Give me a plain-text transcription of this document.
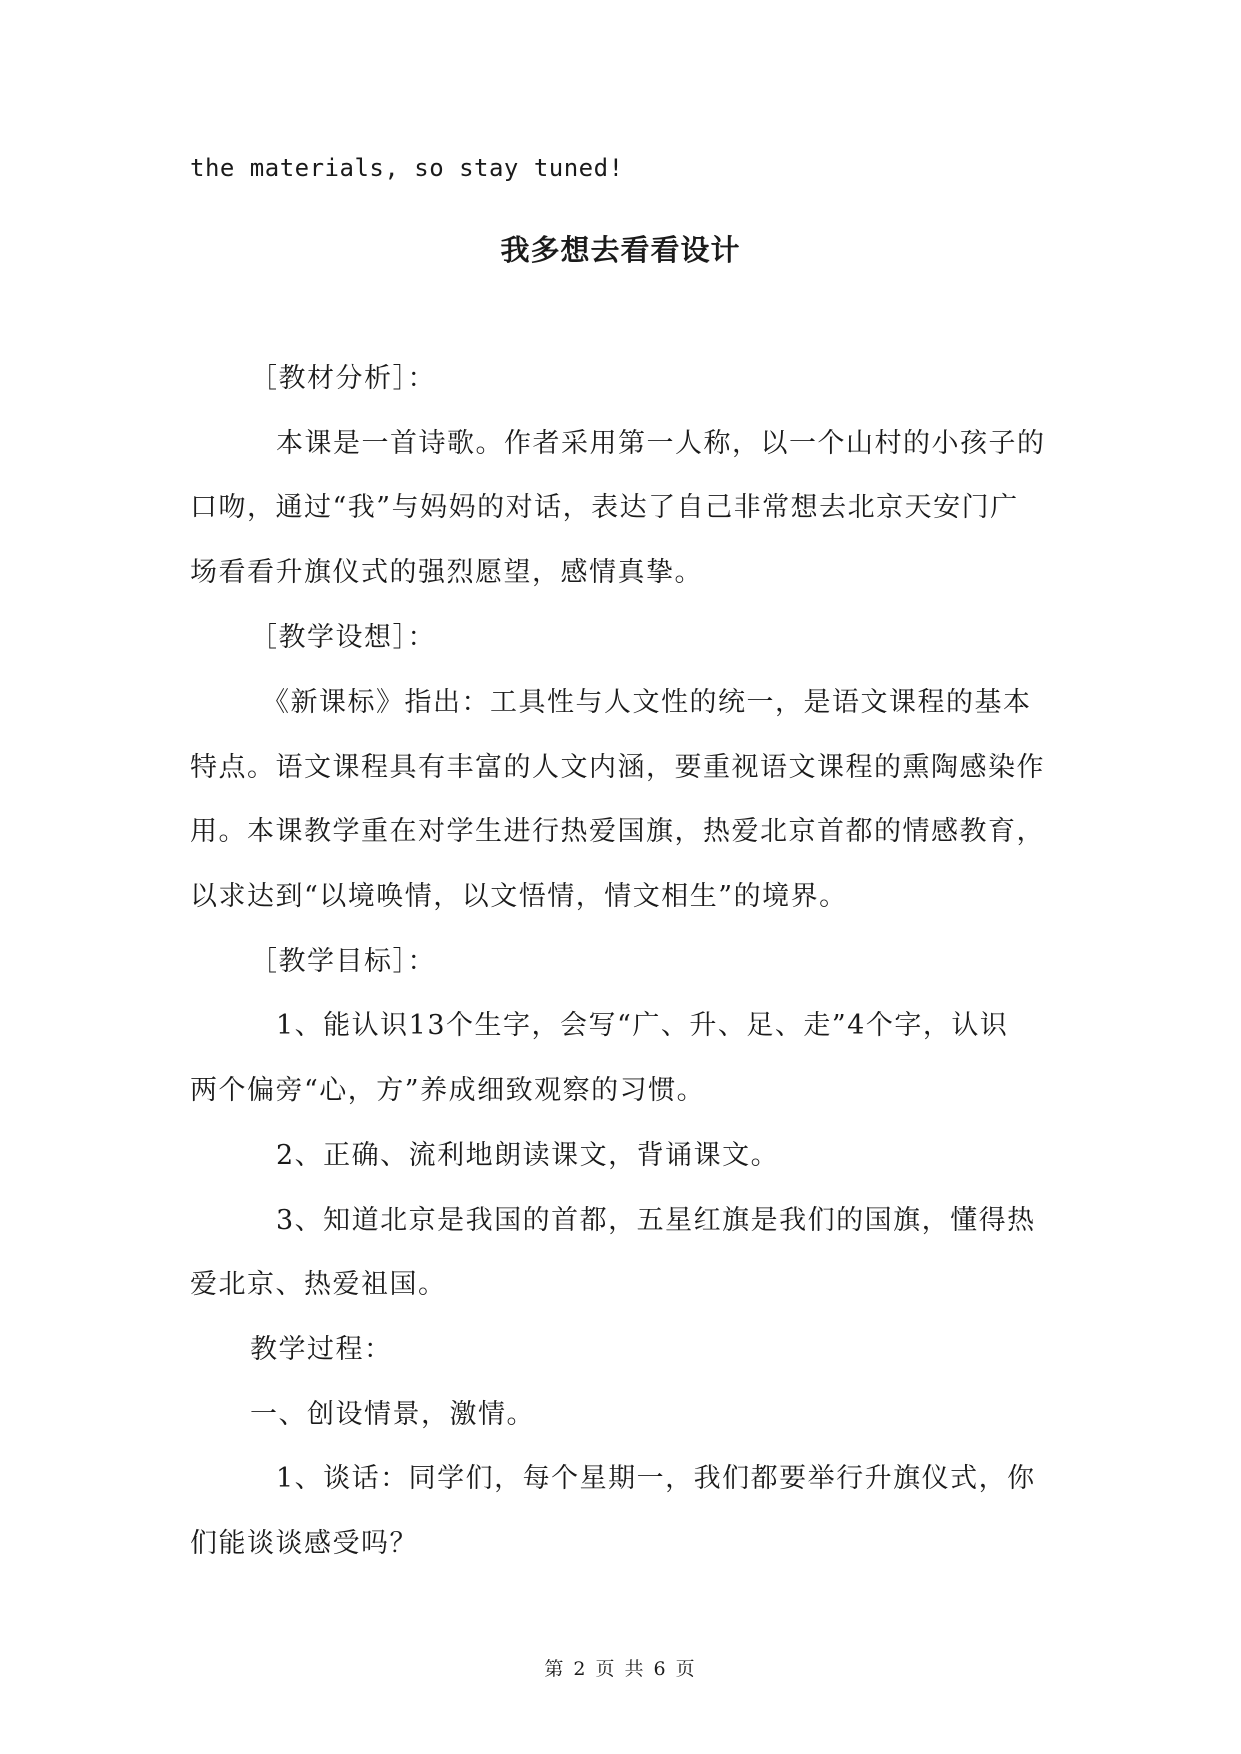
the materials, so stay tuned!
我多想去看看设计
［教材分析］：
本课是一首诗歌。作者采用第一人称，以一个山村的小孩子的
口吻，通过“我”与妈妈的对话，表达了自己非常想去北京天安门广
场看看升旗仪式的强烈愿望，感情真挚。
［教学设想］：
《新课标》指出：工具性与人文性的统一，是语文课程的基本
特点。语文课程具有丰富的人文内涵，要重视语文课程的熏陶感染作
用。本课教学重在对学生进行热爱国旗，热爱北京首都的情感教育，
以求达到“以境唤情，以文悟情，情文相生”的境界。
［教学目标］：
1、能认识13个生字，会写“广、升、足、走”4个字，认识
两个偏旁“心，方”养成细致观察的习惯。
2、正确、流利地朗读课文，背诵课文。
3、知道北京是我国的首都，五星红旗是我们的国旗，懂得热
爱北京、热爱祖国。
教学过程：
一、创设情景，激情。
1、谈话：同学们，每个星期一，我们都要举行升旗仪式，你
们能谈谈感受吗？
第 2 页 共 6 页
